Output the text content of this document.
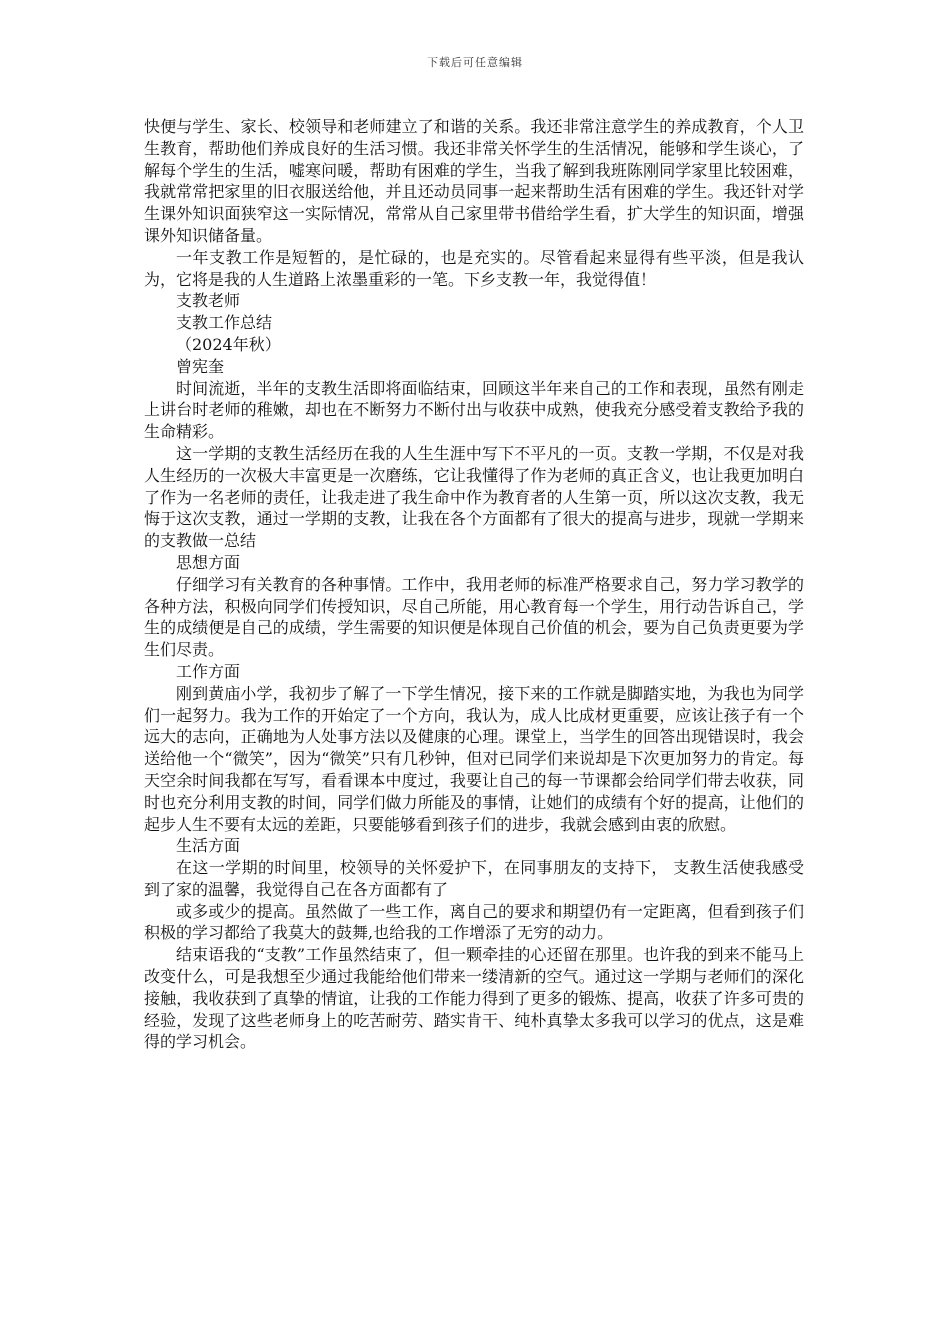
下载后可任意编辑

快便与学生、家长、校领导和老师建立了和谐的关系。我还非常注意学生的养成教育，个人卫生教育，帮助他们养成良好的生活习惯。我还非常关怀学生的生活情况，能够和学生谈心，了解每个学生的生活，嘘寒问暖，帮助有困难的学生，当我了解到我班陈刚同学家里比较困难，我就常常把家里的旧衣服送给他，并且还动员同事一起来帮助生活有困难的学生。我还针对学生课外知识面狭窄这一实际情况，常常从自己家里带书借给学生看，扩大学生的知识面，增强课外知识储备量。

一年支教工作是短暂的，是忙碌的，也是充实的。尽管看起来显得有些平淡，但是我认为，它将是我的人生道路上浓墨重彩的一笔。下乡支教一年，我觉得值！

支教老师

支教工作总结

（2024年秋）

曾宪奎

时间流逝，半年的支教生活即将面临结束，回顾这半年来自己的工作和表现，虽然有刚走上讲台时老师的稚嫩，却也在不断努力不断付出与收获中成熟，使我充分感受着支教给予我的生命精彩。

这一学期的支教生活经历在我的人生生涯中写下不平凡的一页。支教一学期，不仅是对我人生经历的一次极大丰富更是一次磨练，它让我懂得了作为老师的真正含义，也让我更加明白了作为一名老师的责任，让我走进了我生命中作为教育者的人生第一页，所以这次支教，我无悔于这次支教，通过一学期的支教，让我在各个方面都有了很大的提高与进步，现就一学期来的支教做一总结

思想方面

仔细学习有关教育的各种事情。工作中，我用老师的标准严格要求自己，努力学习教学的各种方法，积极向同学们传授知识，尽自己所能，用心教育每一个学生，用行动告诉自己，学生的成绩便是自己的成绩，学生需要的知识便是体现自己价值的机会，要为自己负责更要为学生们尽责。

工作方面

刚到黄庙小学，我初步了解了一下学生情况，接下来的工作就是脚踏实地，为我也为同学们一起努力。我为工作的开始定了一个方向，我认为，成人比成材更重要，应该让孩子有一个远大的志向，正确地为人处事方法以及健康的心理。课堂上，当学生的回答出现错误时，我会送给他一个“微笑”，因为“微笑”只有几秒钟，但对已同学们来说却是下次更加努力的肯定。每天空余时间我都在写写，看看课本中度过，我要让自己的每一节课都会给同学们带去收获，同时也充分利用支教的时间，同学们做力所能及的事情，让她们的成绩有个好的提高，让他们的起步人生不要有太远的差距，只要能够看到孩子们的进步，我就会感到由衷的欣慰。

生活方面

在这一学期的时间里，校领导的关怀爱护下，在同事朋友的支持下， 支教生活使我感受到了家的温馨，我觉得自己在各方面都有了

或多或少的提高。虽然做了一些工作，离自己的要求和期望仍有一定距离，但看到孩子们积极的学习都给了我莫大的鼓舞,也给我的工作增添了无穷的动力。

结束语我的“支教”工作虽然结束了，但一颗牵挂的心还留在那里。也许我的到来不能马上改变什么，可是我想至少通过我能给他们带来一缕清新的空气。通过这一学期与老师们的深化接触，我收获到了真挚的情谊，让我的工作能力得到了更多的锻炼、提高，收获了许多可贵的经验，发现了这些老师身上的吃苦耐劳、踏实肯干、纯朴真挚太多我可以学习的优点，这是难得的学习机会。
